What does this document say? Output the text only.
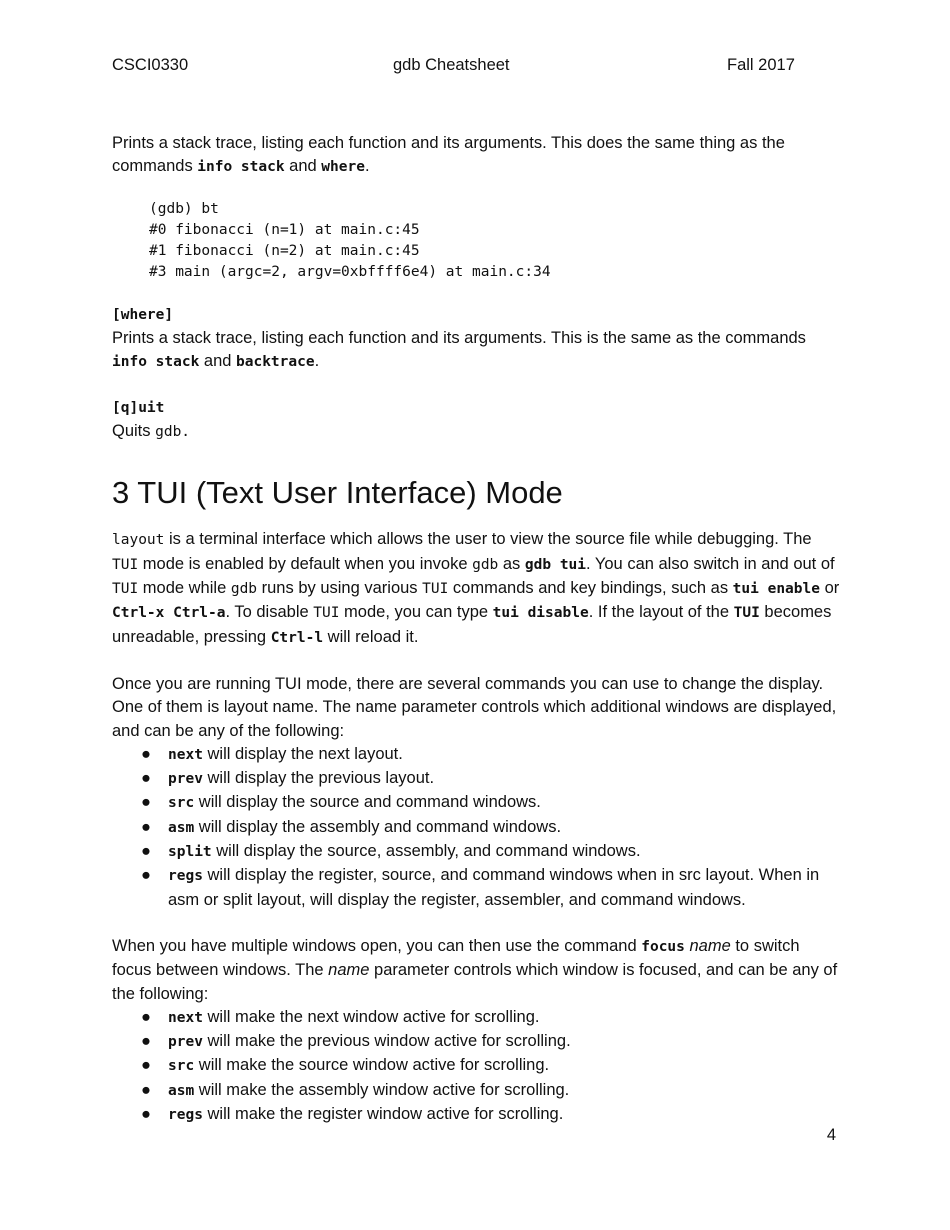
CSCI0330	gdb Cheatsheet	Fall 2017

Prints a stack trace, listing each function and its arguments. This does the same thing as the commands info stack and where.

(gdb) bt
#0 fibonacci (n=1) at main.c:45
#1 fibonacci (n=2) at main.c:45
#3 main (argc=2, argv=0xbffff6e4) at main.c:34
[where]

Prints a stack trace, listing each function and its arguments. This is the same as the commands info stack and backtrace.

[q]uit

Quits gdb.

3 TUI (Text User Interface) Mode

layout is a terminal interface which allows the user to view the source file while debugging. The TUI mode is enabled by default when you invoke gdb as gdb tui. You can also switch in and out of TUI mode while gdb runs by using various TUI commands and key bindings, such as tui enable or Ctrl-x Ctrl-a. To disable TUI mode, you can type tui disable. If the layout of the TUI becomes unreadable, pressing Ctrl-l will reload it.

Once you are running TUI mode, there are several commands you can use to change the display. One of them is layout name. The name parameter controls which additional windows are displayed, and can be any of the following:

● next will display the next layout.
● prev will display the previous layout.
● src will display the source and command windows.
● asm will display the assembly and command windows.
● split will display the source, assembly, and command windows.
● regs will display the register, source, and command windows when in src layout. When in asm or split layout, will display the register, assembler, and command windows.

When you have multiple windows open, you can then use the command focus name to switch focus between windows. The name parameter controls which window is focused, and can be any of the following:

● next will make the next window active for scrolling.
● prev will make the previous window active for scrolling.
● src will make the source window active for scrolling.
● asm will make the assembly window active for scrolling.
● regs will make the register window active for scrolling.
4
